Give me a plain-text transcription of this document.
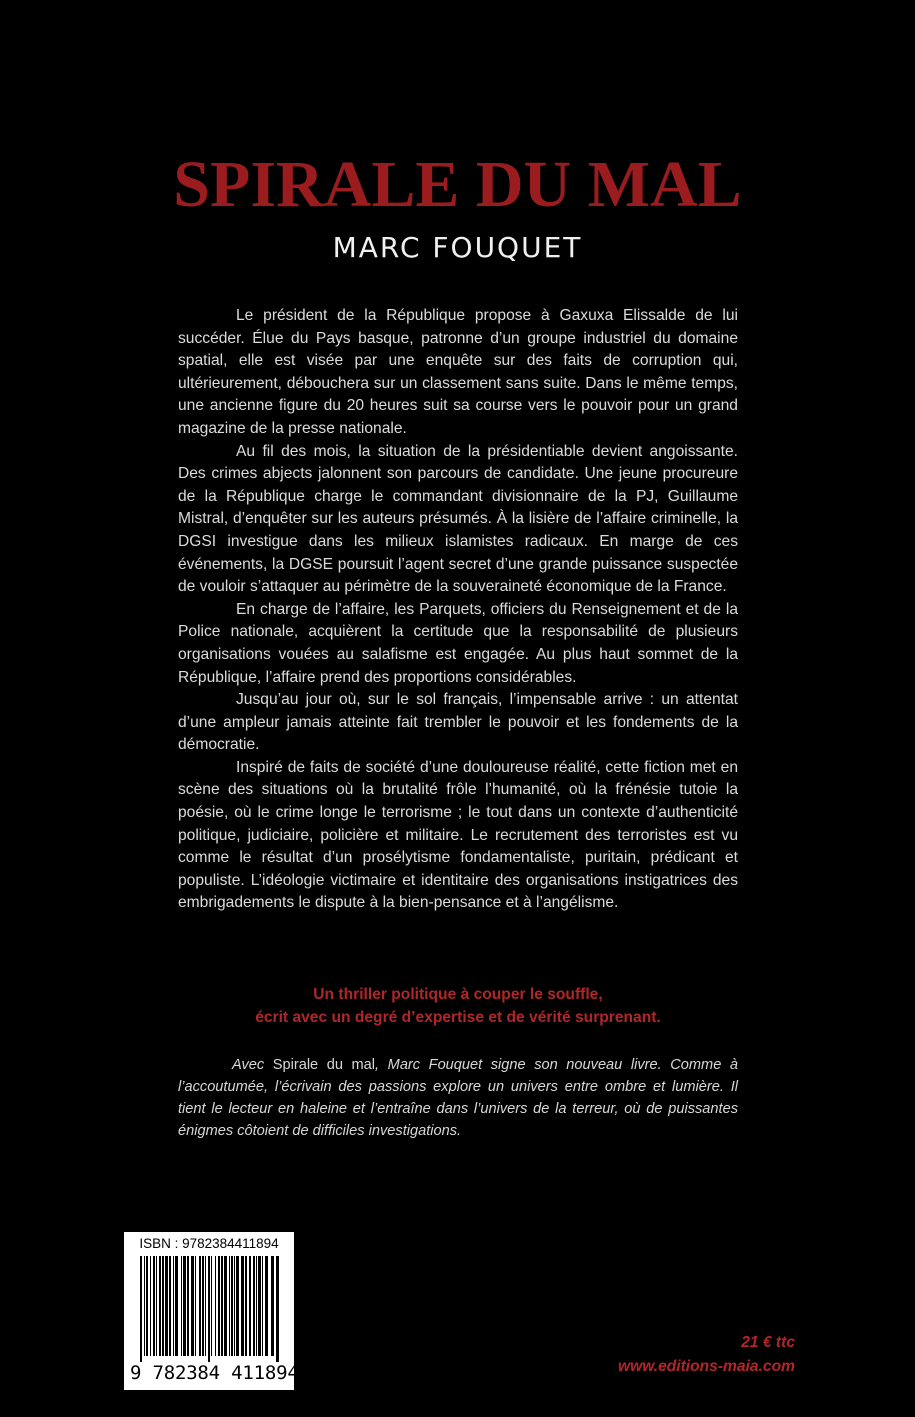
SPIRALE DU MAL
MARC FOUQUET

Le président de la République propose à Gaxuxa Elissalde de lui succéder. Élue du Pays basque, patronne d’un groupe industriel du domaine spatial, elle est visée par une enquête sur des faits de corruption qui, ultérieurement, débouchera sur un classement sans suite. Dans le même temps, une ancienne figure du 20 heures suit sa course vers le pouvoir pour un grand magazine de la presse nationale.

Au fil des mois, la situation de la présidentiable devient angoissante. Des crimes abjects jalonnent son parcours de candidate. Une jeune procureure de la République charge le commandant divisionnaire de la PJ, Guillaume Mistral, d’enquêter sur les auteurs présumés. À la lisière de l’affaire criminelle, la DGSI investigue dans les milieux islamistes radicaux. En marge de ces événements, la DGSE poursuit l’agent secret d’une grande puissance suspectée de vouloir s’attaquer au périmètre de la souveraineté économique de la France.

En charge de l’affaire, les Parquets, officiers du Renseignement et de la Police nationale, acquièrent la certitude que la responsabilité de plusieurs organisations vouées au salafisme est engagée. Au plus haut sommet de la République, l’affaire prend des proportions considérables.

Jusqu’au jour où, sur le sol français, l’impensable arrive : un attentat d’une ampleur jamais atteinte fait trembler le pouvoir et les fondements de la démocratie.

Inspiré de faits de société d’une douloureuse réalité, cette fiction met en scène des situations où la brutalité frôle l’humanité, où la frénésie tutoie la poésie, où le crime longe le terrorisme ; le tout dans un contexte d’authenticité politique, judiciaire, policière et militaire. Le recrutement des terroristes est vu comme le résultat d’un prosélytisme fondamentaliste, puritain, prédicant et populiste. L’idéologie victimaire et identitaire des organisations instigatrices des embrigadements le dispute à la bien-pensance et à l’angélisme.

Un thriller politique à couper le souffle,
écrit avec un degré d’expertise et de vérité surprenant.
Avec Spirale du mal, Marc Fouquet signe son nouveau livre. Comme à l’accoutumée, l’écrivain des passions explore un univers entre ombre et lumière. Il tient le lecteur en haleine et l’entraîne dans l’univers de la terreur, où de puissantes énigmes côtoient de difficiles investigations.
ISBN : 9782384411894
9 782384 411894
21 € ttc
www.editions-maia.com
